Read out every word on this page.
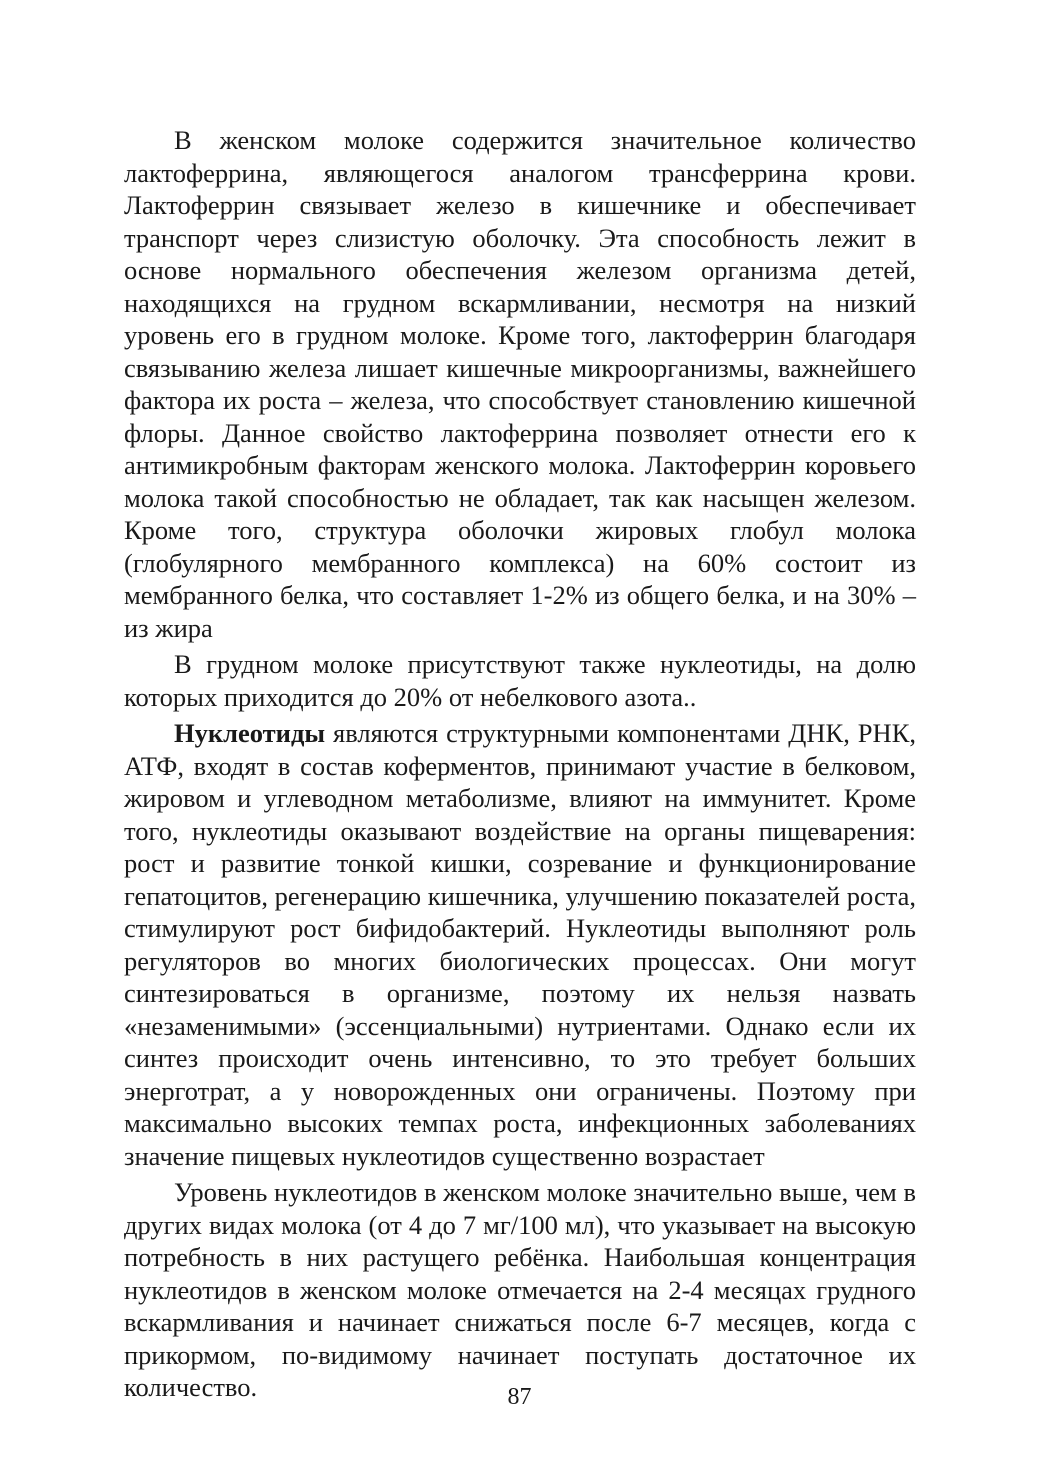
В женском молоке содержится значительное количество лактоферрина, являющегося аналогом трансферрина крови. Лактоферрин связывает железо в кишечнике и обеспечивает транспорт через слизистую оболочку. Эта способность лежит в основе нормального обеспечения железом организма детей, находящихся на грудном вскармливании, несмотря на низкий уровень его в грудном молоке. Кроме того, лактоферрин благодаря связыванию железа лишает кишечные микроорганизмы, важнейшего фактора их роста – железа, что способствует становлению кишечной флоры. Данное свойство лактоферрина позволяет отнести его к антимикробным факторам женского молока. Лактоферрин коровьего молока такой способностью не обладает, так как насыщен железом. Кроме того, структура оболочки жировых глобул молока (глобулярного мембранного комплекса) на 60% состоит из мембранного белка, что составляет 1-2% из общего белка, и на 30% – из жира

В грудном молоке присутствуют также нуклеотиды, на долю которых приходится до 20% от небелкового азота..

Нуклеотиды являются структурными компонентами ДНК, РНК, АТФ, входят в состав коферментов, принимают участие в белковом, жировом и углеводном метаболизме, влияют на иммунитет. Кроме того, нуклеотиды оказывают воздействие на органы пищеварения: рост и развитие тонкой кишки, созревание и функционирование гепатоцитов, регенерацию кишечника, улучшению показателей роста, стимулируют рост бифидобактерий. Нуклеотиды выполняют роль регуляторов во многих биологических процессах. Они могут синтезироваться в организме, поэтому их нельзя назвать «незаменимыми» (эссенциальными) нутриентами. Однако если их синтез происходит очень интенсивно, то это требует больших энерготрат, а у новорожденных они ограничены. Поэтому при максимально высоких темпах роста, инфекционных заболеваниях значение пищевых нуклеотидов существенно возрастает

Уровень нуклеотидов в женском молоке значительно выше, чем в других видах молока (от 4 до 7 мг/100 мл), что указывает на высокую потребность в них растущего ребёнка. Наибольшая концентрация нуклеотидов в женском молоке отмечается на 2-4 месяцах грудного вскармливания и начинает снижаться после 6-7 месяцев, когда с прикормом, по-видимому начинает поступать достаточное их количество.	87
